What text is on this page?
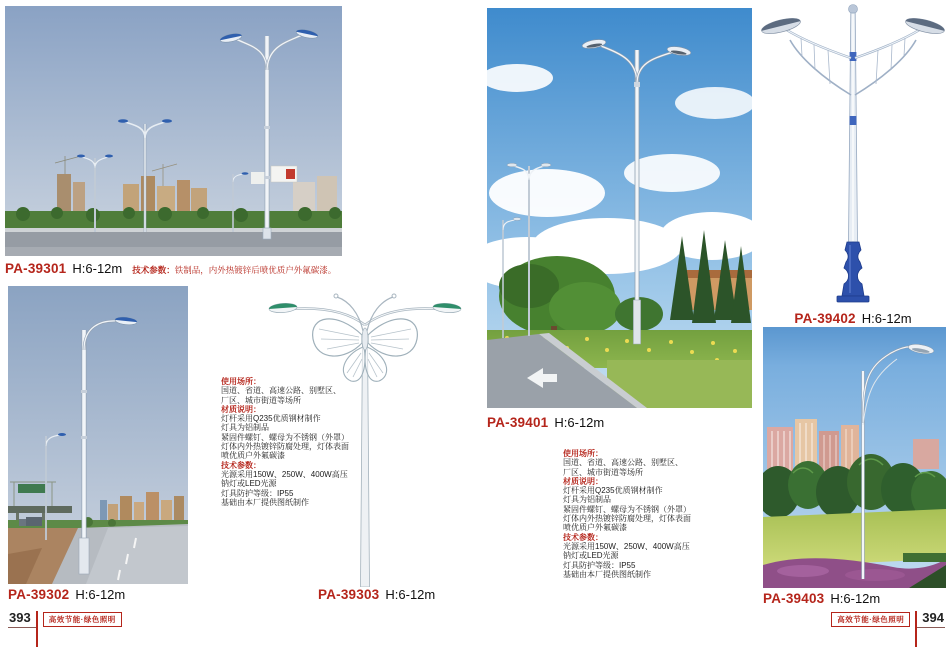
PA-39301 H:6-12m 技术参数：铁制品，内外热镀锌后喷优质户外氟碳漆。
使用场所：
国道、省道、高速公路、别墅区、
厂区、城市街道等场所
材质说明：
灯杆采用Q235优质钢材制作
灯具为铝制品
紧固件螺钉、螺母为不锈钢（外罩）
灯体内外热镀锌防腐处理，灯体表面
喷优质户外氟碳漆
技术参数：
光源采用150W、250W、400W高压
钠灯或LED光源
灯具防护等级：IP55
基础由本厂提供图纸制作
PA-39302 H:6-12m	PA-39303 H:6-12m
393	高效节能·绿色照明
PA-39401 H:6-12m
使用场所：
国道、省道、高速公路、别墅区、
厂区、城市街道等场所
材质说明：
灯杆采用Q235优质钢材制作
灯具为铝制品
紧固件螺钉、螺母为不锈钢（外罩）
灯体内外热镀锌防腐处理，灯体表面
喷优质户外氟碳漆
技术参数：
光源采用150W、250W、400W高压
钠灯或LED光源
灯具防护等级：IP55
基础由本厂提供图纸制作
PA-39402 H:6-12m
PA-39403 H:6-12m
高效节能·绿色照明	394
